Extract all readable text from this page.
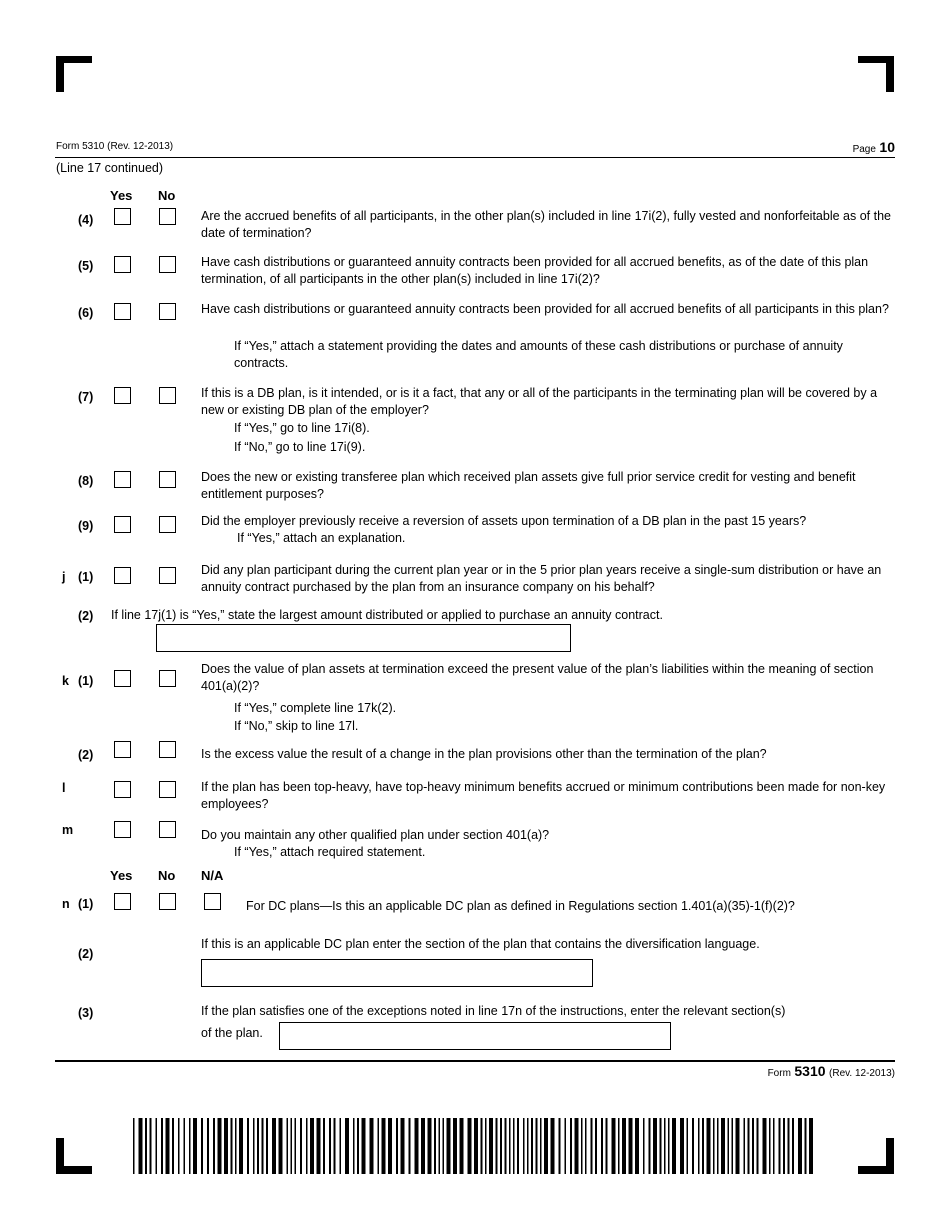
Form 5310 (Rev. 12-2013)	Page 10
(Line 17 continued)
Yes No
(4)	Are the accrued benefits of all participants, in the other plan(s) included in line 17i(2), fully vested and nonforfeitable as of the date of termination?
(5)	Have cash distributions or guaranteed annuity contracts been provided for all accrued benefits, as of the date of this plan termination, of all participants in the other plan(s) included in line 17i(2)?
(6)	Have cash distributions or guaranteed annuity contracts been provided for all accrued benefits of all participants in this plan?
If “Yes,” attach a statement providing the dates and amounts of these cash distributions or purchase of annuity contracts.
(7)	If this is a DB plan, is it intended, or is it a fact, that any or all of the participants in the terminating plan will be covered by a new or existing DB plan of the employer?
If “Yes,” go to line 17i(8).
If “No,” go to line 17i(9).
(8)	Does the new or existing transferee plan which received plan assets give full prior service credit for vesting and benefit entitlement purposes?
(9)	Did the employer previously receive a reversion of assets upon termination of a DB plan in the past 15 years?
If “Yes,” attach an explanation.
j (1)	Did any plan participant during the current plan year or in the 5 prior plan years receive a single-sum distribution or have an annuity contract purchased by the plan from an insurance company on his behalf?
(2) If line 17j(1) is “Yes,” state the largest amount distributed or applied to purchase an annuity contract.
k (1)
Does the value of plan assets at termination exceed the present value of the plan’s liabilities within the meaning of section 401(a)(2)?
If “Yes,” complete line 17k(2).
If “No,” skip to line 17l.
(2)	Is the excess value the result of a change in the plan provisions other than the termination of the plan?
l	If the plan has been top-heavy, have top-heavy minimum benefits accrued or minimum contributions been made for non-key employees?
m	Do you maintain any other qualified plan under section 401(a)?
If “Yes,” attach required statement.
Yes No N/A
n (1)	For DC plans—Is this an applicable DC plan as defined in Regulations section 1.401(a)(35)-1(f)(2)?
(2)
If this is an applicable DC plan enter the section of the plan that contains the diversification language.
(3)	If the plan satisfies one of the exceptions noted in line 17n of the instructions, enter the relevant section(s)
of the plan.
Form 5310 (Rev. 12-2013)
